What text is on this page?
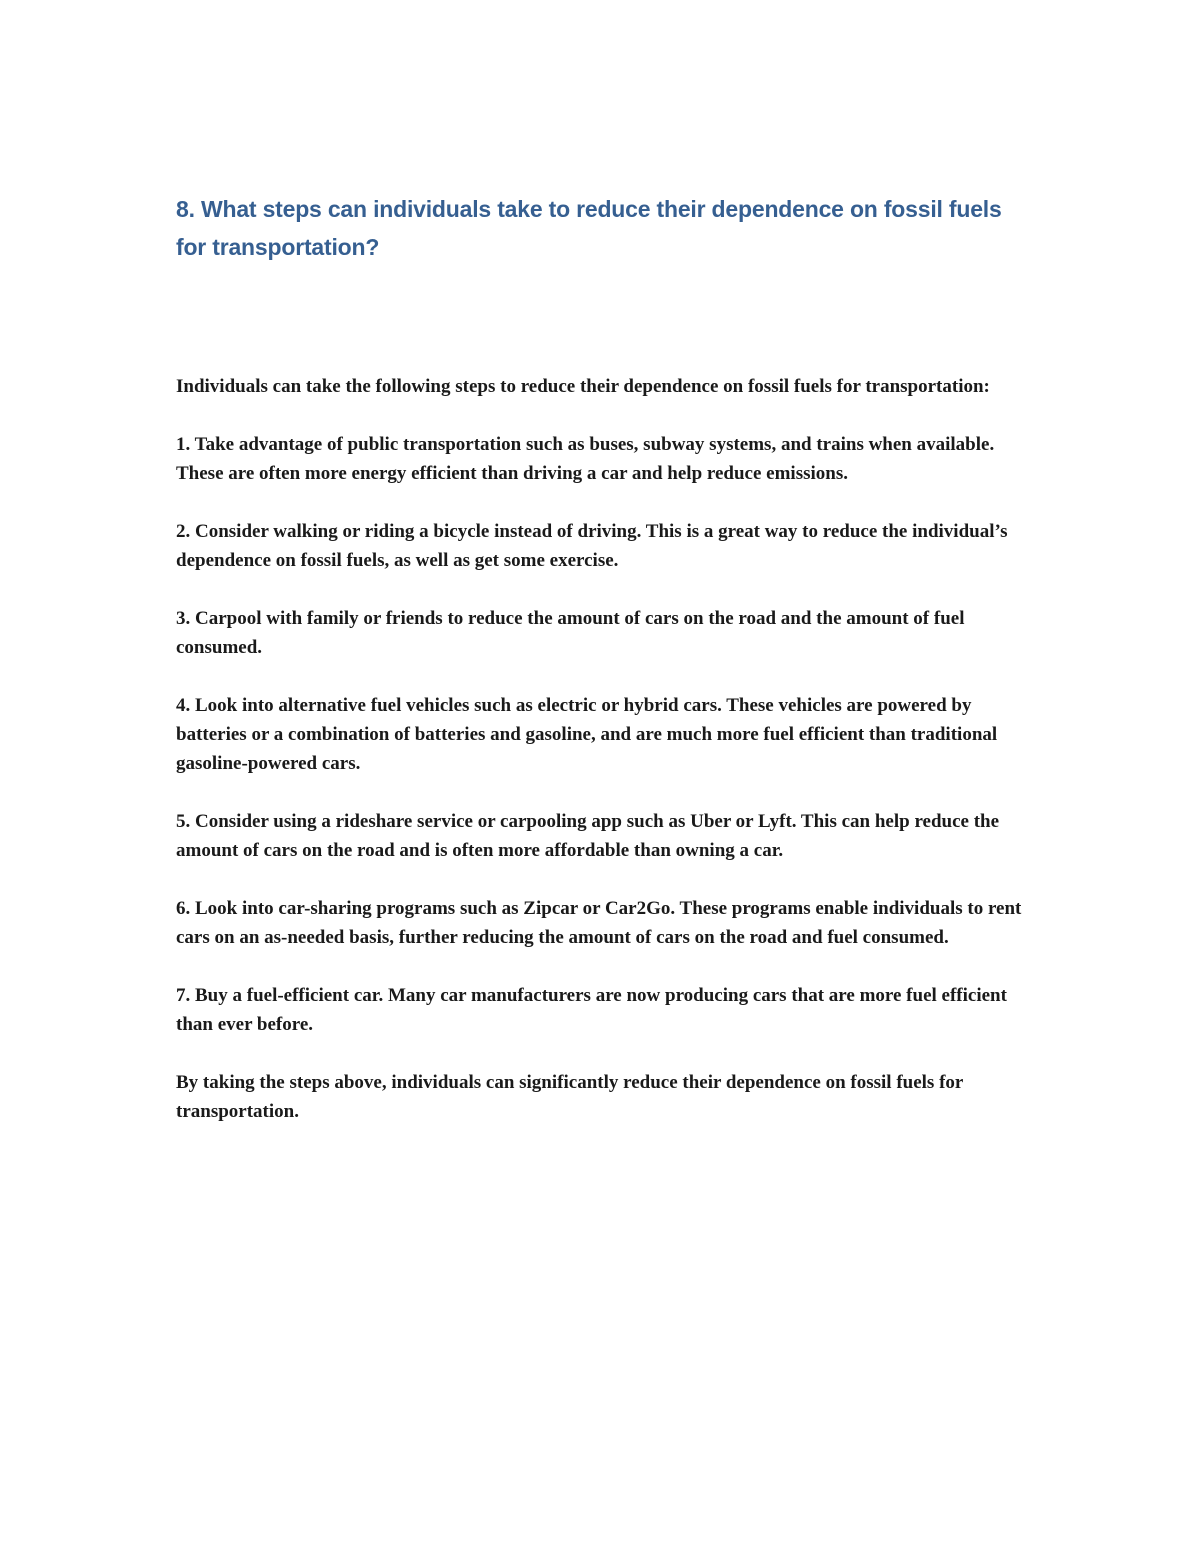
8. What steps can individuals take to reduce their dependence on fossil fuels for transportation?

Individuals can take the following steps to reduce their dependence on fossil fuels for transportation:

1. Take advantage of public transportation such as buses, subway systems, and trains when available. These are often more energy efficient than driving a car and help reduce emissions.

2. Consider walking or riding a bicycle instead of driving. This is a great way to reduce the individual’s dependence on fossil fuels, as well as get some exercise.

3. Carpool with family or friends to reduce the amount of cars on the road and the amount of fuel consumed.

4. Look into alternative fuel vehicles such as electric or hybrid cars. These vehicles are powered by batteries or a combination of batteries and gasoline, and are much more fuel efficient than traditional gasoline-powered cars.

5. Consider using a rideshare service or carpooling app such as Uber or Lyft. This can help reduce the amount of cars on the road and is often more affordable than owning a car.

6. Look into car-sharing programs such as Zipcar or Car2Go. These programs enable individuals to rent cars on an as-needed basis, further reducing the amount of cars on the road and fuel consumed.

7. Buy a fuel-efficient car. Many car manufacturers are now producing cars that are more fuel efficient than ever before.

By taking the steps above, individuals can significantly reduce their dependence on fossil fuels for transportation.
